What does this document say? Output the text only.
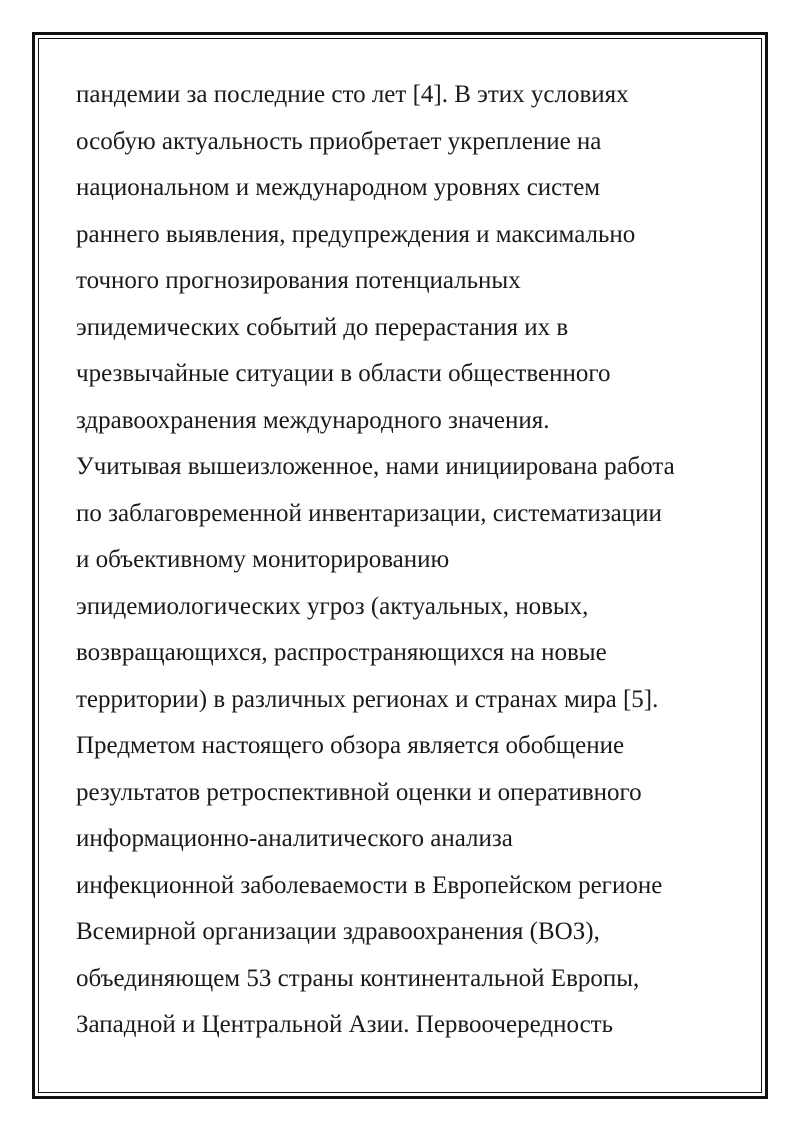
пандемии за последние сто лет [4]. В этих условиях
особую актуальность приобретает укрепление на
национальном и международном уровнях систем
раннего выявления, предупреждения и максимально
точного прогнозирования потенциальных
эпидемических событий до перерастания их в
чрезвычайные ситуации в области общественного
здравоохранения международного значения.
Учитывая вышеизложенное, нами инициирована работа
по заблаговременной инвентаризации, систематизации
и объективному мониторированию
эпидемиологических угроз (актуальных, новых,
возвращающихся, распространяющихся на новые
территории) в различных регионах и странах мира [5].
Предметом настоящего обзора является обобщение
результатов ретроспективной оценки и оперативного
информационно-аналитического анализа
инфекционной заболеваемости в Европейском регионе
Всемирной организации здравоохранения (ВОЗ),
объединяющем 53 страны континентальной Европы,
Западной и Центральной Азии. Первоочередность
